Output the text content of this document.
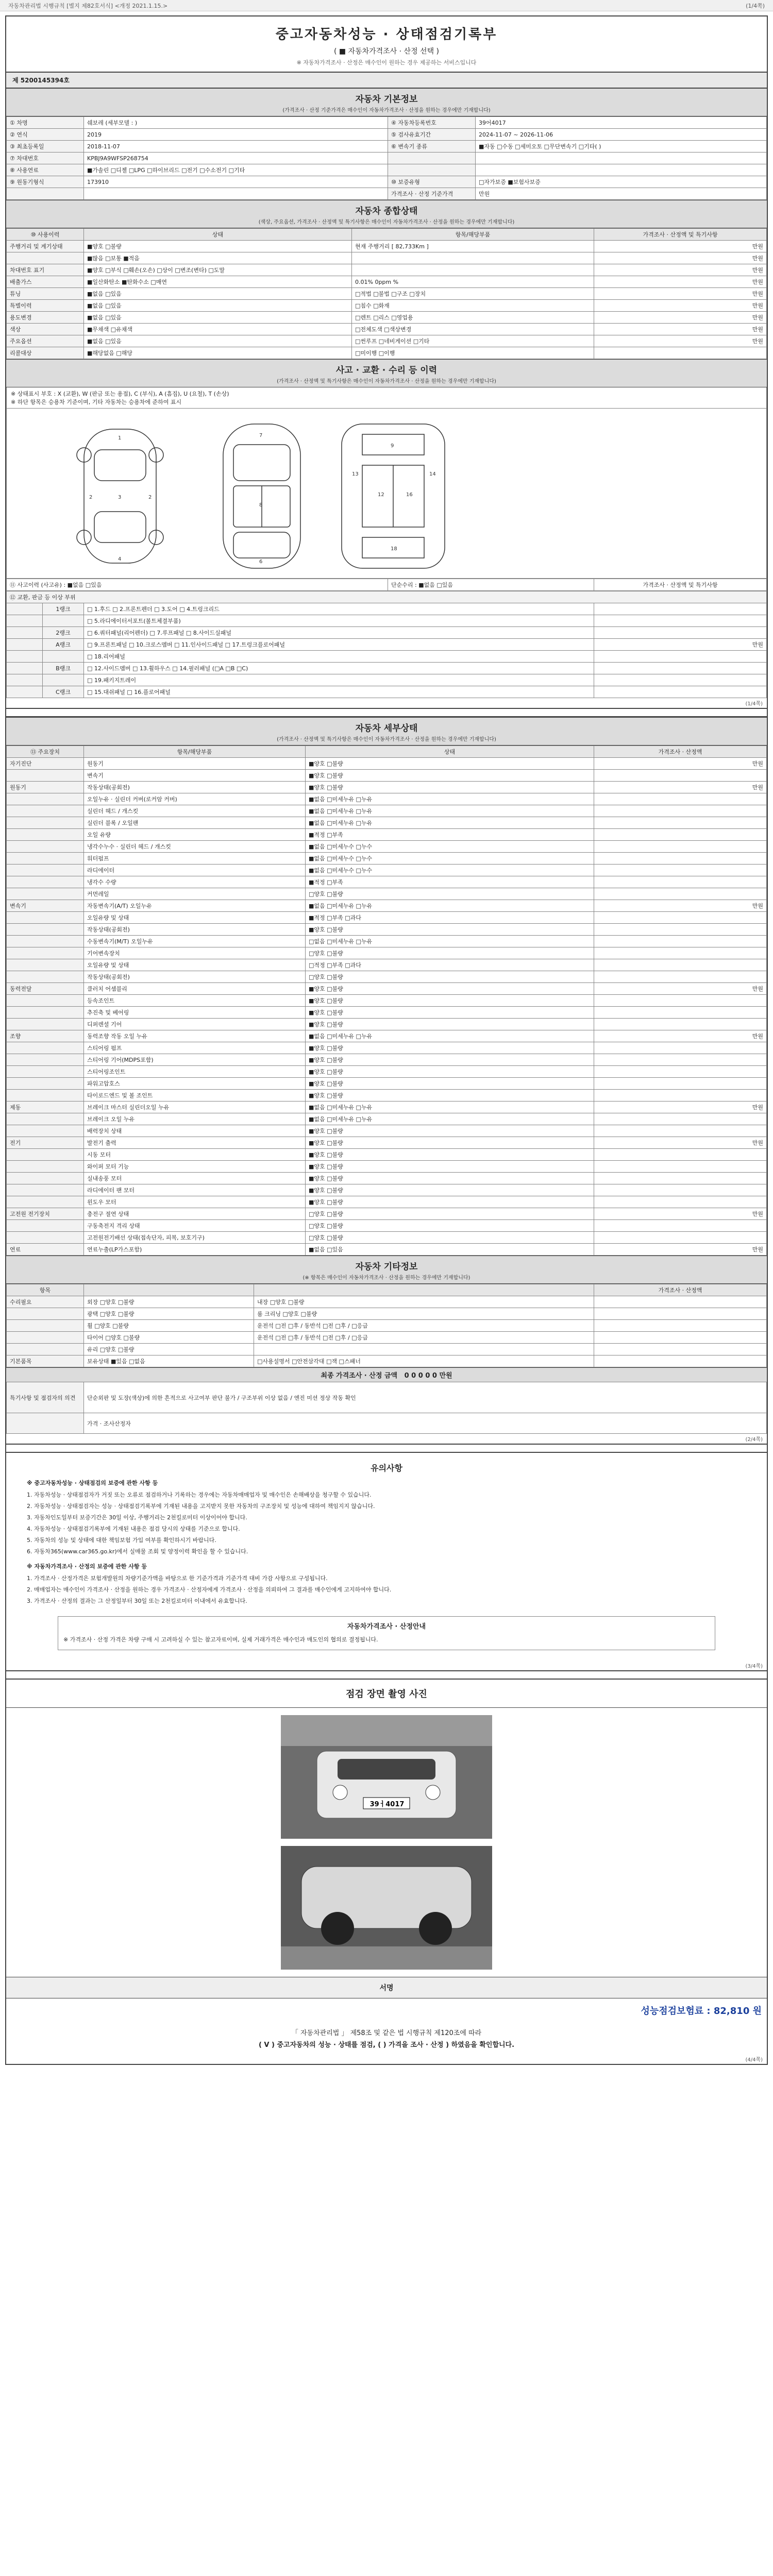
자동차관리법 시행규칙 [별지 제82호서식] <개정 2021.1.15.>	(1/4쪽)
중고자동차성능 · 상태점검기록부
( ■ 자동차가격조사 · 산정 선택 )
※ 자동차가격조사 · 산정은 매수인이 원하는 경우 제공하는 서비스입니다
제 5200145394호
자동차 기본정보
(가격조사 · 산정 기준가격은 매수인이 자동차가격조사 · 산정을 원하는 경우에만 기재합니다)
① 차명	쉐보레 (세부모델 : )	④ 자동차등록번호	39어4017
② 연식	2019	⑤ 검사유효기간	2024-11-07 ~ 2026-11-06
③ 최초등록일	2018-11-07	⑥ 변속기 종류	■자동 □수동 □세미오토 □무단변속기 □기타( )
⑦ 차대번호	KPBJ9A9WFSP268754		
⑧ 사용연료	■가솔린 □디젤 □LPG □하이브리드 □전기 □수소전기 □기타		
⑨ 원동기형식	173910	⑩ 보증유형	□자가보증 ■보험사보증
		가격조사 · 산정 기준가격	만원
자동차 종합상태
(색상, 주요옵션, 가격조사 · 산정액 및 특기사항은 매수인이 자동차가격조사 · 산정을 원하는 경우에만 기재합니다)
⑩ 사용이력	상태	항목/해당부품	가격조사 · 산정액 및 특기사항
주행거리 및 계기상태	■양호 □불량	현재 주행거리 [ 82,733Km ]	만원
	■많음 □보통 ■적음		만원
차대번호 표기	■양호 □부식 □훼손(오손) □상이 □변조(변타) □도말		만원
배출가스	■일산화탄소 ■탄화수소 □매연	0.01% 0ppm %	만원
튜닝	■없음 □있음	□적법 □불법 □구조 □장치	만원
특별이력	■없음 □있음	□침수 □화재	만원
용도변경	■없음 □있음	□렌트 □리스 □영업용	만원
색상	■무채색 □유채색	□전체도색 □색상변경	만원
주요옵션	■없음 □있음	□썬루프 □네비게이션 □기타	만원
리콜대상	■해당없음 □해당	□미이행 □이행	
사고 · 교환 · 수리 등 이력
(가격조사 · 산정액 및 특기사항은 매수인이 자동차가격조사 · 산정을 원하는 경우에만 기재합니다)
※ 상태표시 부호 : X (교환), W (판금 또는 용접), C (부식), A (흠집), U (요철), T (손상)
※ 하단 항목은 승용차 기준이며, 기타 자동차는 승용차에 준하여 표시
1
3
4
2	2
7
8
6
9
12	16
18
13	14
⑪ 사고이력 (사고유) : ■없음 □있음	단순수리 : ■없음 □있음	가격조사 · 산정액 및 특기사항
⑫ 교환, 판금 등 이상 부위			
	1랭크	□ 1.후드 □ 2.프론트펜더 □ 3.도어 □ 4.트렁크리드	
		□ 5.라디에이터서포트(볼트체결부품)	
	2랭크	□ 6.쿼터패널(리어펜더) □ 7.루프패널 □ 8.사이드실패널	
	A랭크	□ 9.프론트패널 □ 10.크로스멤버 □ 11.인사이드패널 □ 17.트렁크플로어패널	만원
		□ 18.리어패널	
	B랭크	□ 12.사이드멤버 □ 13.휠하우스 □ 14.필러패널 (□A □B □C)	
		□ 19.패키지트레이	
	C랭크	□ 15.대쉬패널 □ 16.플로어패널	
(1/4쪽)
자동차 세부상태
(가격조사 · 산정액 및 특기사항은 매수인이 자동차가격조사 · 산정을 원하는 경우에만 기재합니다)
⑬ 주요장치	항목/해당부품	상태	가격조사 · 산정액
자기진단	원동기	■양호 □불량	만원
	변속기	■양호 □불량	
원동기	작동상태(공회전)	■양호 □불량	만원
	오일누유 · 실린더 커버(로커암 커버)	■없음 □미세누유 □누유	
	실린더 헤드 / 개스킷	■없음 □미세누유 □누유	
	실린더 블록 / 오일팬	■없음 □미세누유 □누유	
	오일 유량	■적정 □부족	
	냉각수누수 · 실린더 헤드 / 개스킷	■없음 □미세누수 □누수	
	워터펌프	■없음 □미세누수 □누수	
	라디에이터	■없음 □미세누수 □누수	
	냉각수 수량	■적정 □부족	
	커먼레일	□양호 □불량	
변속기	자동변속기(A/T) 오일누유	■없음 □미세누유 □누유	만원
	오일유량 및 상태	■적정 □부족 □과다	
	작동상태(공회전)	■양호 □불량	
	수동변속기(M/T) 오일누유	□없음 □미세누유 □누유	
	기어변속장치	□양호 □불량	
	오일유량 및 상태	□적정 □부족 □과다	
	작동상태(공회전)	□양호 □불량	
동력전달	클러치 어셈블리	■양호 □불량	만원
	등속조인트	■양호 □불량	
	추진축 및 베어링	■양호 □불량	
	디퍼렌셜 기어	■양호 □불량	
조향	동력조향 작동 오일 누유	■없음 □미세누유 □누유	만원
	스티어링 펌프	■양호 □불량	
	스티어링 기어(MDPS포함)	■양호 □불량	
	스티어링조인트	■양호 □불량	
	파워고압호스	■양호 □불량	
	타이로드엔드 및 볼 조인트	■양호 □불량	
제동	브레이크 마스터 실린더오일 누유	■없음 □미세누유 □누유	만원
	브레이크 오일 누유	■없음 □미세누유 □누유	
	배력장치 상태	■양호 □불량	
전기	발전기 출력	■양호 □불량	만원
	시동 모터	■양호 □불량	
	와이퍼 모터 기능	■양호 □불량	
	실내송풍 모터	■양호 □불량	
	라디에이터 팬 모터	■양호 □불량	
	윈도우 모터	■양호 □불량	
고전원 전기장치	충전구 절연 상태	□양호 □불량	만원
	구동축전지 격리 상태	□양호 □불량	
	고전원전기배선 상태(접속단자, 피복, 보호기구)	□양호 □불량	
연료	연료누출(LP가스포함)	■없음 □있음	만원
자동차 기타정보
(※ 항목은 매수인이 자동차가격조사 · 산정을 원하는 경우에만 기재합니다)
항목			가격조사 · 산정액
수리필요	외장 □양호 □불량	내장 □양호 □불량	
	광택 □양호 □불량	룸 크리닝 □양호 □불량	
	휠 □양호 □불량	운전석 □전 □후 / 동반석 □전 □후 / □응급	
	타이어 □양호 □불량	운전석 □전 □후 / 동반석 □전 □후 / □응급	
	유리 □양호 □불량		
기본품목	보유상태 ■있음 □없음	□사용설명서 □안전삼각대 □잭 □스패너	
최종 가격조사 · 산정 금액 0 0 0 0 0 만원
특기사항 및 점검자의 의견	단순외판 및 도장(색상)에 의한 흔적으로 사고여부 판단 불가 / 구조부위 이상 없음 / 엔진 미션 정상 작동 확인
	가격 · 조사산정자
(2/4쪽)
유의사항
※ 중고자동차성능 · 상태점검의 보증에 관한 사항 등
1. 자동차성능 · 상태점검자가 거짓 또는 오류로 점검하거나 기록하는 경우에는 자동차매매업자 및 매수인은 손해배상을 청구할 수 있습니다.
2. 자동차성능 · 상태점검자는 성능 · 상태점검기록부에 기재된 내용을 고지받지 못한 자동차의 구조장치 및 성능에 대하여 책임지지 않습니다.
3. 자동차인도일부터 보증기간은 30일 이상, 주행거리는 2천킬로미터 이상이어야 합니다.
4. 자동차성능 · 상태점검기록부에 기재된 내용은 점검 당시의 상태를 기준으로 합니다.
5. 자동차의 성능 및 상태에 대한 책임보험 가입 여부를 확인하시기 바랍니다.
6. 자동차365(www.car365.go.kr)에서 실매물 조회 및 양정이력 확인을 할 수 있습니다.
※ 자동차가격조사 · 산정의 보증에 관한 사항 등
1. 가격조사 · 산정가격은 보험개발원의 차량기준가액을 바탕으로 한 기준가격과 기준가격 대비 가감 사항으로 구성됩니다.
2. 매매업자는 매수인이 가격조사 · 산정을 원하는 경우 가격조사 · 산정자에게 가격조사 · 산정을 의뢰하여 그 결과를 매수인에게 고지하여야 합니다.
3. 가격조사 · 산정의 결과는 그 산정일부터 30일 또는 2천킬로미터 이내에서 유효합니다.
자동차가격조사 · 산정안내
※ 가격조사 · 산정 가격은 차량 구매 시 고려하실 수 있는 참고자료이며, 실제 거래가격은 매수인과 매도인의 협의로 결정됩니다.
(3/4쪽)
점검 장면 촬영 사진
39ㅓ4017
서명
성능점검보험료 : 82,810 원
「 자동차관리법 」 제58조 및 같은 법 시행규칙 제120조에 따라
( V ) 중고자동차의 성능 · 상태를 점검, ( ) 가격을 조사 · 산정 ) 하였음을 확인합니다.
(4/4쪽)
